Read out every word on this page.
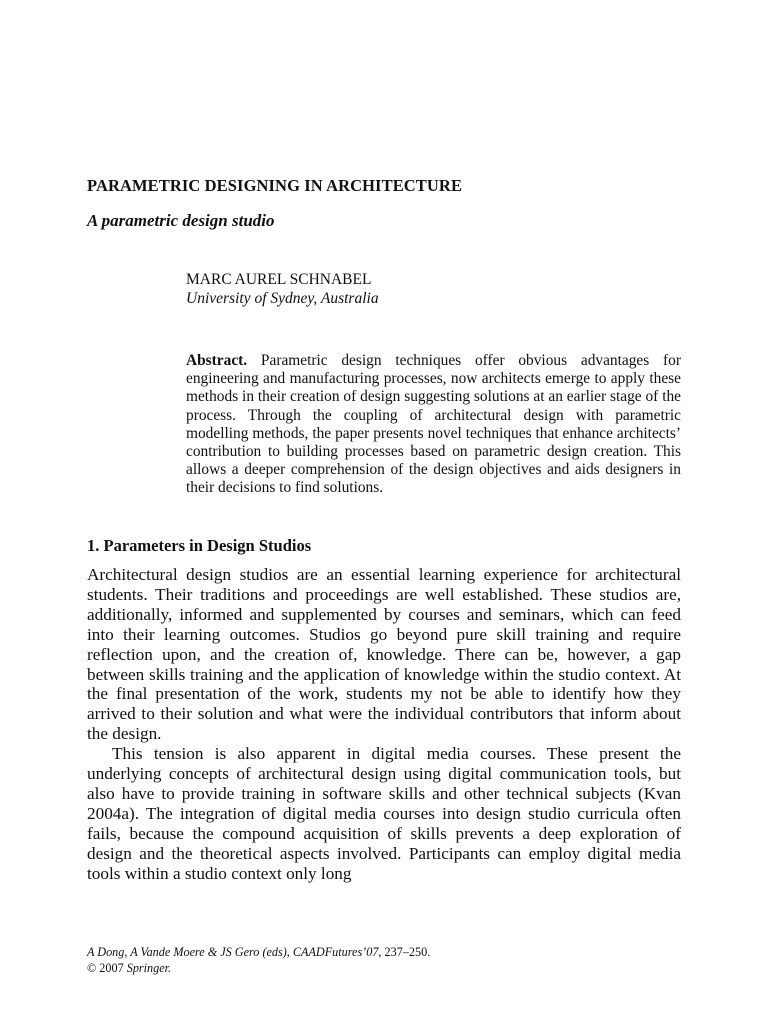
PARAMETRIC DESIGNING IN ARCHITECTURE
A parametric design studio
MARC AUREL SCHNABEL
University of Sydney, Australia

Abstract. Parametric design techniques offer obvious advantages for engineering and manufacturing processes, now architects emerge to apply these methods in their creation of design suggesting solutions at an earlier stage of the process. Through the coupling of architectural design with parametric modelling methods, the paper presents novel techniques that enhance architects’ contribution to building processes based on parametric design creation. This allows a deeper comprehension of the design objectives and aids designers in their decisions to find solutions.

1. Parameters in Design Studios

Architectural design studios are an essential learning experience for architectural students. Their traditions and proceedings are well established. These studios are, additionally, informed and supplemented by courses and seminars, which can feed into their learning outcomes. Studios go beyond pure skill training and require reflection upon, and the creation of, knowledge. There can be, however, a gap between skills training and the application of knowledge within the studio context. At the final presentation of the work, students my not be able to identify how they arrived to their solution and what were the individual contributors that inform about the design.

This tension is also apparent in digital media courses. These present the underlying concepts of architectural design using digital communication tools, but also have to provide training in software skills and other technical subjects (Kvan 2004a). The integration of digital media courses into design studio curricula often fails, because the compound acquisition of skills prevents a deep exploration of design and the theoretical aspects involved. Participants can employ digital media tools within a studio context only long

A Dong, A Vande Moere & JS Gero (eds), CAADFutures’07, 237–250.
© 2007 Springer.
